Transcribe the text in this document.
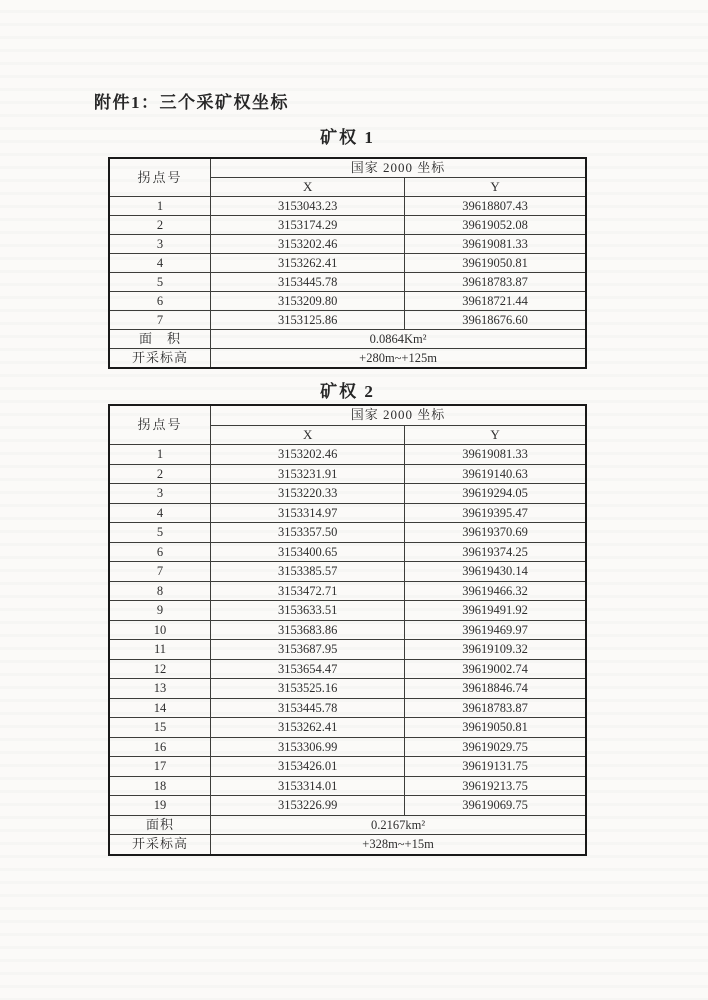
附件1：三个采矿权坐标
矿权 1
拐点号	国家 2000 坐标	
	X	Y
1	3153043.23	39618807.43
2	3153174.29	39619052.08
3	3153202.46	39619081.33
4	3153262.41	39619050.81
5	3153445.78	39618783.87
6	3153209.80	39618721.44
7	3153125.86	39618676.60
面　积	0.0864Km²	
开采标高	+280m~+125m	
矿权 2
拐点号	国家 2000 坐标	
	X	Y
1	3153202.46	39619081.33
2	3153231.91	39619140.63
3	3153220.33	39619294.05
4	3153314.97	39619395.47
5	3153357.50	39619370.69
6	3153400.65	39619374.25
7	3153385.57	39619430.14
8	3153472.71	39619466.32
9	3153633.51	39619491.92
10	3153683.86	39619469.97
11	3153687.95	39619109.32
12	3153654.47	39619002.74
13	3153525.16	39618846.74
14	3153445.78	39618783.87
15	3153262.41	39619050.81
16	3153306.99	39619029.75
17	3153426.01	39619131.75
18	3153314.01	39619213.75
19	3153226.99	39619069.75
面积	0.2167km²	
开采标高	+328m~+15m	
